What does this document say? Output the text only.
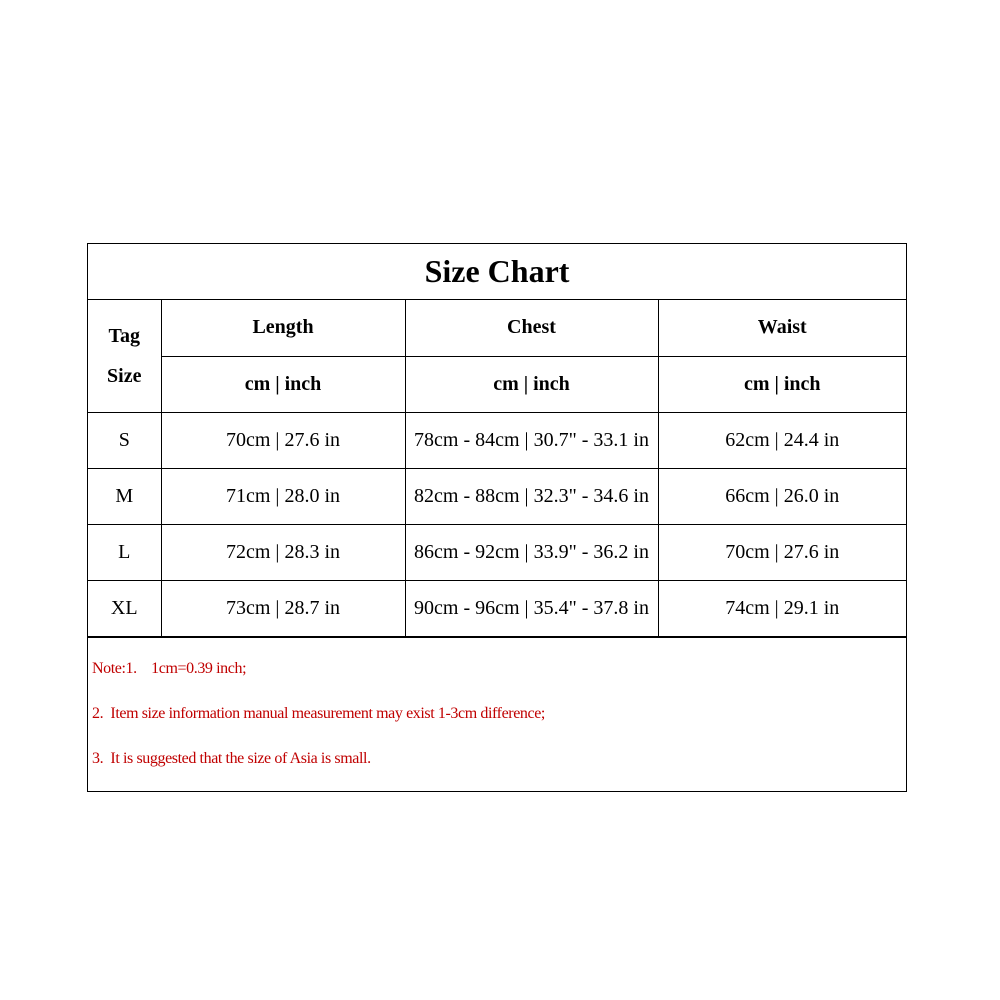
Size Chart
Tag
Size	Length	Chest	Waist
	cm | inch	cm | inch	cm | inch
S	70cm | 27.6 in	78cm - 84cm | 30.7" - 33.1 in	62cm | 24.4 in
M	71cm | 28.0 in	82cm - 88cm | 32.3" - 34.6 in	66cm | 26.0 in
L	72cm | 28.3 in	86cm - 92cm | 33.9" - 36.2 in	70cm | 27.6 in
XL	73cm | 28.7 in	90cm - 96cm | 35.4" - 37.8 in	74cm | 29.1 in
Note:1.    1cm=0.39 inch;
2.  Item size information manual measurement may exist 1-3cm difference;
3.  It is suggested that the size of Asia is small.
